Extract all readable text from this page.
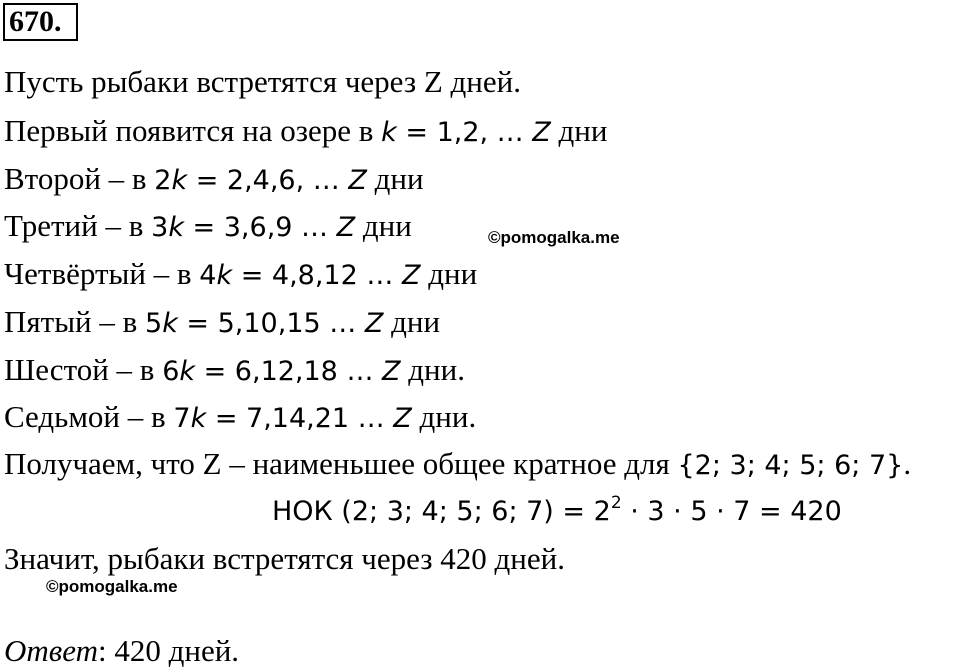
670.
Пусть рыбаки встретятся через Z дней.
Первый появится на озере в k = 1,2, … Z дни
Второй – в 2k = 2,4,6, … Z дни
Третий – в 3k = 3,6,9 … Z дни	©pomogalka.me
Четвёртый – в 4k = 4,8,12 … Z дни
Пятый – в 5k = 5,10,15 … Z дни
Шестой – в 6k = 6,12,18 … Z дни.
Седьмой – в 7k = 7,14,21 … Z дни.
Получаем, что Z – наименьшее общее кратное для {2; 3; 4; 5; 6; 7}.
НОК (2; 3; 4; 5; 6; $7) = 2^2 \cdot 3 \cdot 5 \cdot 7 = 420$
Значит, рыбаки встретятся через 420 дней.
©pomogalka.me
Ответ: 420 дней.
